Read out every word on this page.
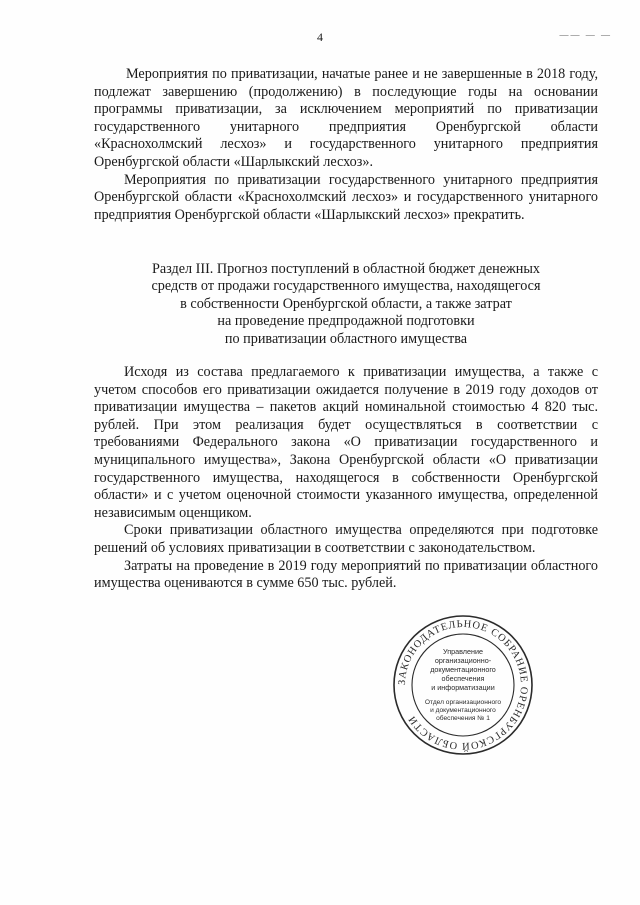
4	—— — —

Мероприятия по приватизации, начатые ранее и не завершенные в 2018 году, подлежат завершению (продолжению) в последующие годы на основании программы приватизации, за исключением мероприятий по приватизации государственного унитарного предприятия Оренбургской области «Краснохолмский лесхоз» и государственного унитарного предприятия Оренбургской области «Шарлыкский лесхоз».

Мероприятия по приватизации государственного унитарного предприятия Оренбургской области «Краснохолмский лесхоз» и государственного унитарного предприятия Оренбургской области «Шарлыкский лесхоз» прекратить.

Раздел III. Прогноз поступлений в областной бюджет денежных
средств от продажи государственного имущества, находящегося
в собственности Оренбургской области, а также затрат
на проведение предпродажной подготовки
по приватизации областного имущества

Исходя из состава предлагаемого к приватизации имущества, а также с учетом способов его приватизации ожидается получение в 2019 году доходов от приватизации имущества – пакетов акций номинальной стоимостью 4 820 тыс. рублей. При этом реализация будет осуществляться в соответствии с требованиями Федерального закона «О приватизации государственного и муниципального имущества», Закона Оренбургской области «О приватизации государственного имущества, находящегося в собственности Оренбургской области» и с учетом оценочной стоимости указанного имущества, определенной независимым оценщиком.

Сроки приватизации областного имущества определяются при подготовке решений об условиях приватизации в соответствии с законодательством.

Затраты на проведение в 2019 году мероприятий по приватизации областного имущества оцениваются в сумме 650 тыс. рублей.

ЗАКОНОДАТЕЛЬНОЕ СОБРАНИЕ ОРЕНБУРГСКОЙ ОБЛАСТИ
Управление
организационно-
документационного
обеспечения
и информатизации
Отдел организационного
и документационного
обеспечения № 1
